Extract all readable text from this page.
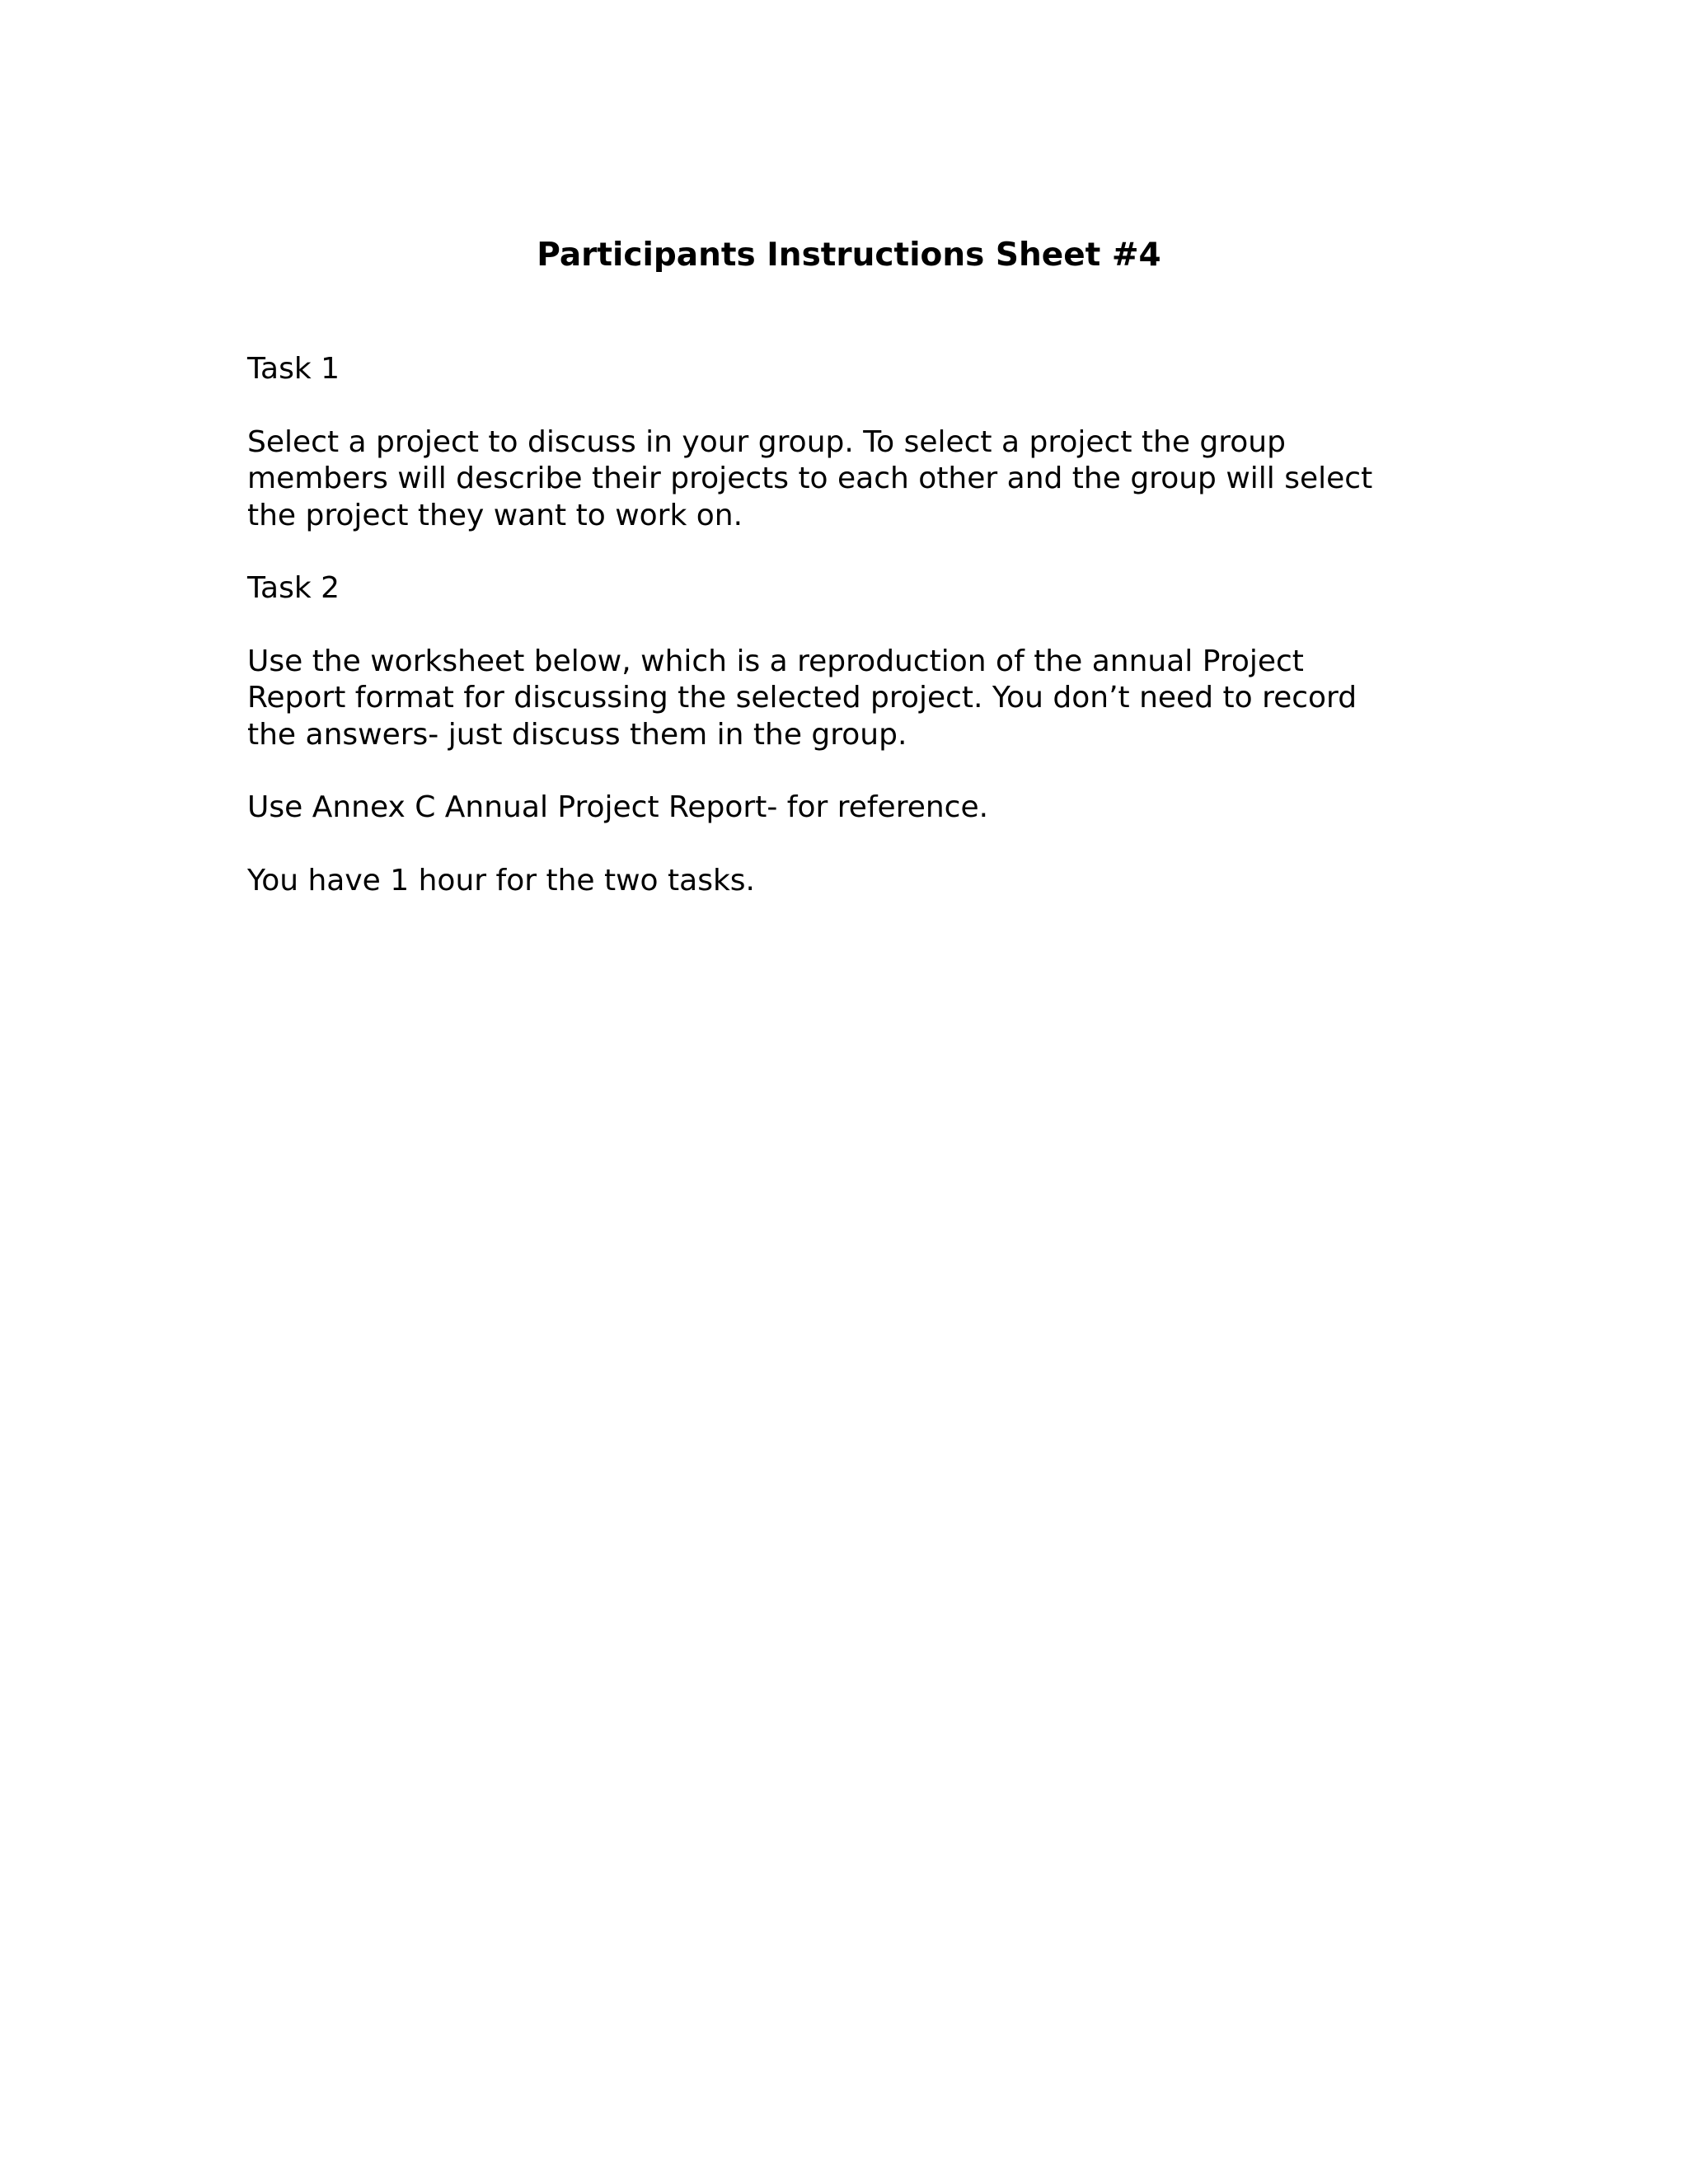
Participants Instructions Sheet #4

Task 1

Select a project to discuss in your group. To select a project the group
members will describe their projects to each other and the group will select
the project they want to work on.

Task 2

Use the worksheet below, which is a reproduction of the annual Project
Report format for discussing the selected project. You don’t need to record
the answers- just discuss them in the group.

Use Annex C Annual Project Report- for reference.

You have 1 hour for the two tasks.
